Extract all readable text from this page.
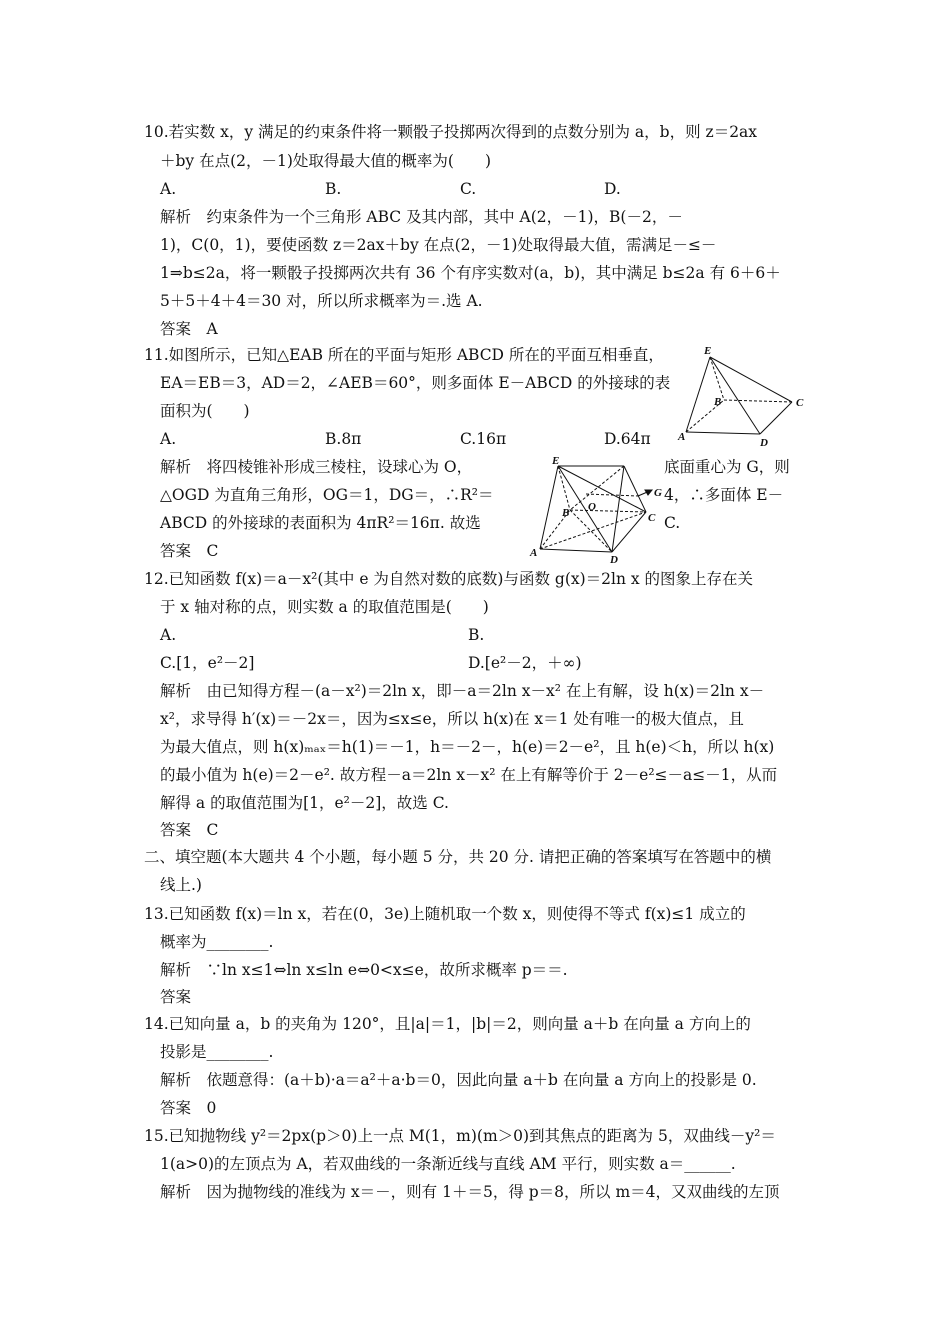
10.若实数 x，y 满足的约束条件将一颗骰子投掷两次得到的点数分别为 a，b，则 z＝2ax
＋by 在点(2，－1)处取得最大值的概率为(　　)
A.	B.	C.	D.
解析　约束条件为一个三角形 ABC 及其内部，其中 A(2，－1)，B(－2，－
1)，C(0，1)，要使函数 z＝2ax＋by 在点(2，－1)处取得最大值，需满足－≤－
1⇒b≤2a，将一颗骰子投掷两次共有 36 个有序实数对(a，b)，其中满足 b≤2a 有 6＋6＋
5＋5＋4＋4＝30 对，所以所求概率为＝.选 A.
答案　A
11.如图所示，已知△EAB 所在的平面与矩形 ABCD 所在的平面互相垂直，
EA＝EB＝3，AD＝2，∠AEB＝60°，则多面体 E－ABCD 的外接球的表
面积为(　　)
A.	B.8π	C.16π	D.64π
解析　将四棱锥补形成三棱柱，设球心为 O，	底面重心为 G，则
△OGD 为直角三角形，OG＝1，DG＝，∴R²＝	4，∴多面体 E－
ABCD 的外接球的表面积为 4πR²＝16π. 故选	C.
答案　C
E
B	C
A	D
E
B O
G
C
A
D
12.已知函数 f(x)＝a－x²(其中 e 为自然对数的底数)与函数 g(x)＝2ln x 的图象上存在关
于 x 轴对称的点，则实数 a 的取值范围是(　　)
A.	B.
C.[1，e²－2]	D.[e²－2，＋∞)
解析　由已知得方程－(a－x²)＝2ln x，即－a＝2ln x－x² 在上有解，设 h(x)＝2ln x－
x²，求导得 h′(x)＝－2x＝，因为≤x≤e，所以 h(x)在 x＝1 处有唯一的极大值点，且
为最大值点，则 h(x)ₘₐₓ＝h(1)＝－1，h＝－2－，h(e)＝2－e²，且 h(e)＜h，所以 h(x)
的最小值为 h(e)＝2－e². 故方程－a＝2ln x－x² 在上有解等价于 2－e²≤－a≤－1，从而
解得 a 的取值范围为[1，e²－2]，故选 C.
答案　C
二、填空题(本大题共 4 个小题，每小题 5 分，共 20 分. 请把正确的答案填写在答题中的横
线上.)
13.已知函数 f(x)＝ln x，若在(0，3e)上随机取一个数 x，则使得不等式 f(x)≤1 成立的
概率为________.
解析　∵ln x≤1⇔ln x≤ln e⇔0<x≤e，故所求概率 p＝＝.
答案
14.已知向量 a，b 的夹角为 120°，且|a|＝1，|b|＝2，则向量 a＋b 在向量 a 方向上的
投影是________.
解析　依题意得：(a＋b)·a＝a²＋a·b＝0，因此向量 a＋b 在向量 a 方向上的投影是 0.
答案　0
15.已知抛物线 y²＝2px(p＞0)上一点 M(1，m)(m＞0)到其焦点的距离为 5，双曲线－y²＝
1(a>0)的左顶点为 A，若双曲线的一条渐近线与直线 AM 平行，则实数 a＝______.
解析　因为抛物线的准线为 x＝－，则有 1＋＝5，得 p＝8，所以 m＝4，又双曲线的左顶
